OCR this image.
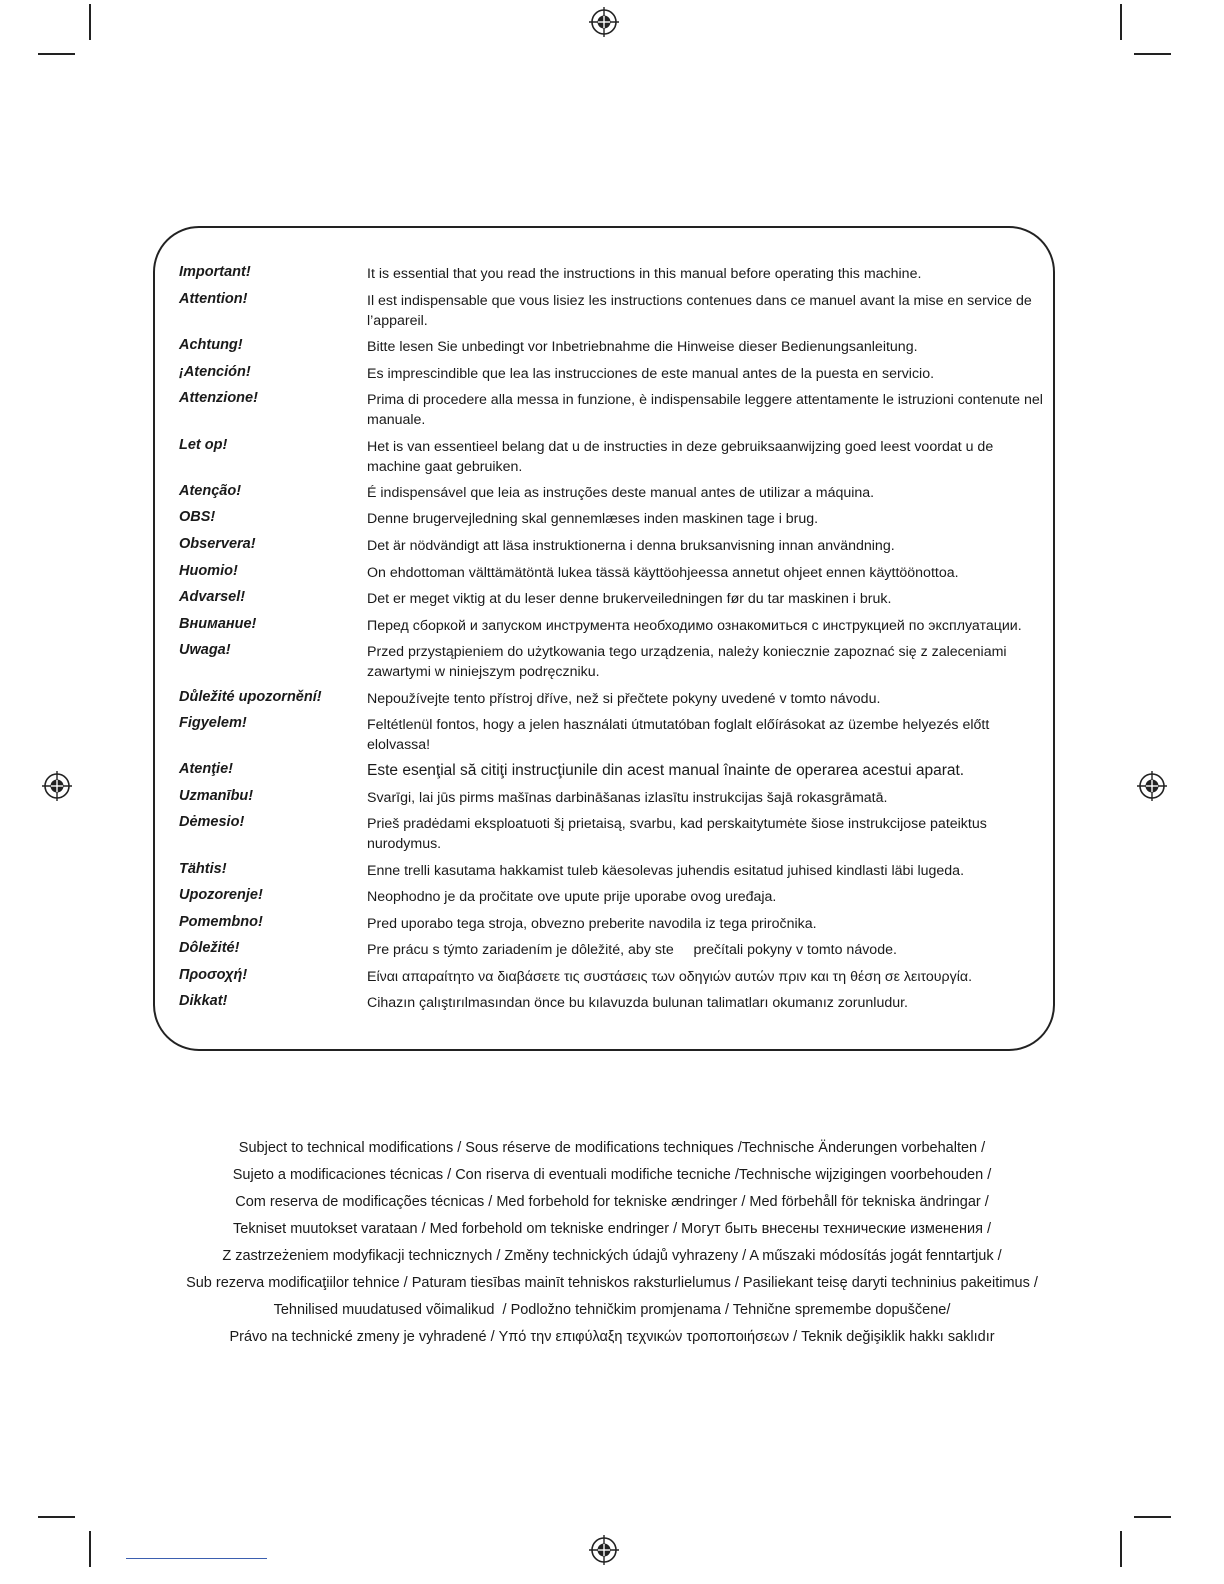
Important!	It is essential that you read the instructions in this manual before operating this machine.
Attention!	Il est indispensable que vous lisiez les instructions contenues dans ce manuel avant la mise en service de l’appareil.
Achtung!	Bitte lesen Sie unbedingt vor Inbetriebnahme die Hinweise dieser Bedienungsanleitung.
¡Atención!	Es imprescindible que lea las instrucciones de este manual antes de la puesta en servicio.
Attenzione!	Prima di procedere alla messa in funzione, è indispensabile leggere attentamente le istruzioni contenute nel manuale.
Let op!	Het is van essentieel belang dat u de instructies in deze gebruiksaanwijzing goed leest voordat u de machine gaat gebruiken.
Atenção!	É indispensável que leia as instruções deste manual antes de utilizar a máquina.
OBS!	Denne brugervejledning skal gennemlæses inden maskinen tage i brug.
Observera!	Det är nödvändigt att läsa instruktionerna i denna bruksanvisning innan användning.
Huomio!	On ehdottoman välttämätöntä lukea tässä käyttöohjeessa annetut ohjeet ennen käyttöönottoa.
Advarsel!	Det er meget viktig at du leser denne brukerveiledningen før du tar maskinen i bruk.
Внимание!	Перед сборкой и запуском инструмента необходимо ознакомиться с инструкцией по эксплуатации.
Uwaga!	Przed przystąpieniem do użytkowania tego urządzenia, należy koniecznie zapoznać się z zaleceniami zawartymi w niniejszym podręczniku.
Důležité upozornění!	Nepoužívejte tento přístroj dříve, než si přečtete pokyny uvedené v tomto návodu.
Figyelem!	Feltétlenül fontos, hogy a jelen használati útmutatóban foglalt előírásokat az üzembe helyezés előtt elolvassa!
Atenţie!	Este esenţial să citiţi instrucţiunile din acest manual înainte de operarea acestui aparat.
Uzmanību!	Svarīgi, lai jūs pirms mašīnas darbināšanas izlasītu instrukcijas šajā rokasgrāmatā.
Dėmesio!	Prieš pradėdami eksploatuoti šį prietaisą, svarbu, kad perskaitytumėte šiose instrukcijose pateiktus nurodymus.
Tähtis!	Enne trelli kasutama hakkamist tuleb käesolevas juhendis esitatud juhised kindlasti läbi lugeda.
Upozorenje!	Neophodno je da pročitate ove upute prije uporabe ovog uređaja.
Pomembno!	Pred uporabo tega stroja, obvezno preberite navodila iz tega priročnika.
Dôležité!	Pre prácu s týmto zariadením je dôležité, aby ste     prečítali pokyny v tomto návode.
Προσοχή!	Είναι απαραίτητο να διαβάσετε τις συστάσεις των οδηγιών αυτών πριν και τη θέση σε λειτουργία.
Dikkat!	Cihazın çalıştırılmasından önce bu kılavuzda bulunan talimatları okumanız zorunludur.
Subject to technical modifications / Sous réserve de modifications techniques /Technische Änderungen vorbehalten /
Sujeto a modificaciones técnicas / Con riserva di eventuali modifiche tecniche /Technische wijzigingen voorbehouden /
Com reserva de modificações técnicas / Med forbehold for tekniske ændringer / Med förbehåll för tekniska ändringar /
Tekniset muutokset varataan / Med forbehold om tekniske endringer / Могут быть внесены технические изменения /
Z zastrzeżeniem modyfikacji technicznych / Změny technických údajů vyhrazeny / A műszaki módosítás jogát fenntartjuk /
Sub rezerva modificaţiilor tehnice / Paturam tiesības mainīt tehniskos raksturlielumus / Pasiliekant teisę daryti techninius pakeitimus /
Tehnilised muudatused võimalikud  / Podložno tehničkim promjenama / Tehnične spremembe dopuščene/
Právo na technické zmeny je vyhradené / Υπό την επιφύλαξη τεχνικών τροποποιήσεων / Teknik değişiklik hakkı saklıdır
